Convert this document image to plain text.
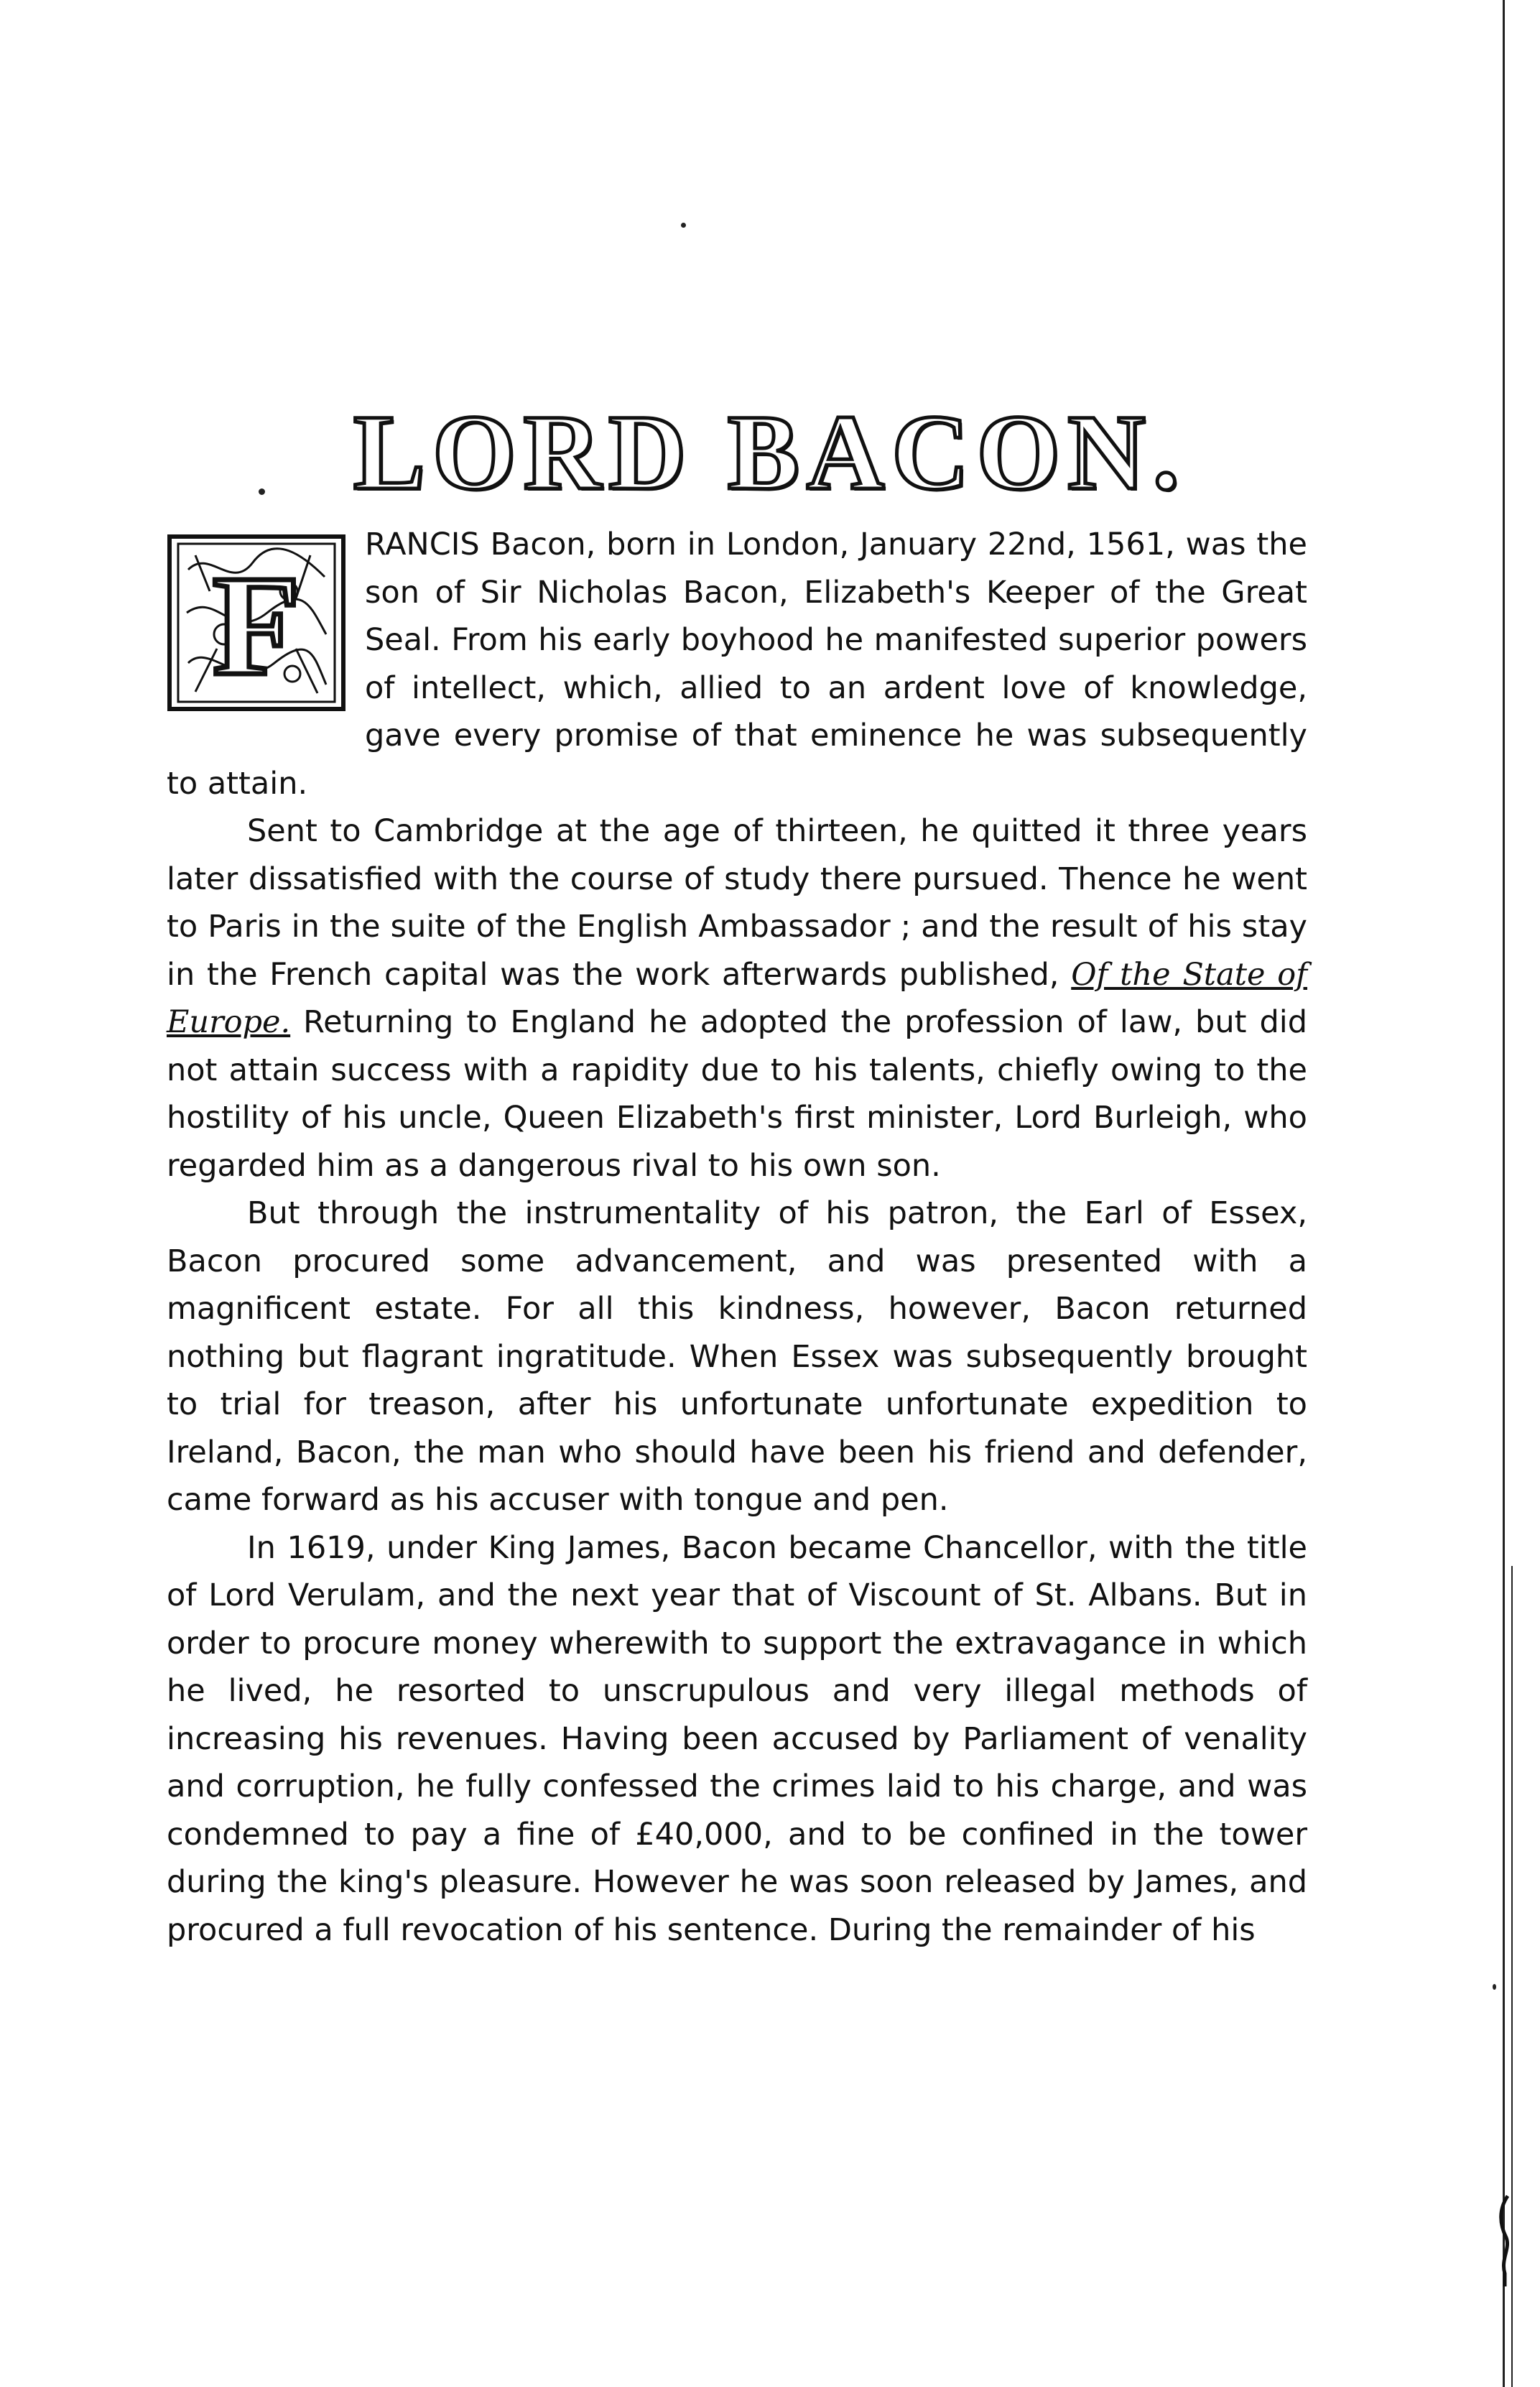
LORD BACON.
F

RANCIS Bacon, born in London, January 22nd, 1561, was the son of Sir Nicholas Bacon, Elizabeth's Keeper of the Great Seal. From his early boyhood he manifested superior powers of intellect, which, allied to an ardent love of knowledge, gave every promise of that eminence he was subsequently to attain.

Sent to Cambridge at the age of thirteen, he quitted it three years later dissatisfied with the course of study there pursued. Thence he went to Paris in the suite of the English Ambassador ; and the result of his stay in the French capital was the work afterwards published, Of the State of Europe. Returning to England he adopted the profession of law, but did not attain success with a rapidity due to his talents, chiefly owing to the hostility of his uncle, Queen Elizabeth's first minister, Lord Burleigh, who regarded him as a dangerous rival to his own son.

But through the instrumentality of his patron, the Earl of Essex, Bacon procured some advancement, and was presented with a magnificent estate. For all this kindness, however, Bacon returned nothing but flagrant ingratitude. When Essex was subsequently brought to trial for treason, after his unfortunate unfortunate expedition to Ireland, Bacon, the man who should have been his friend and defender, came forward as his accuser with tongue and pen.

In 1619, under King James, Bacon became Chancellor, with the title of Lord Verulam, and the next year that of Viscount of St. Albans. But in order to procure money wherewith to support the extravagance in which he lived, he resorted to unscrupulous and very illegal methods of increasing his revenues. Having been accused by Parliament of venality and corruption, he fully confessed the crimes laid to his charge, and was condemned to pay a fine of £40,000, and to be confined in the tower during the king's pleasure. However he was soon released by James, and procured a full revocation of his sentence. During the remainder of his
